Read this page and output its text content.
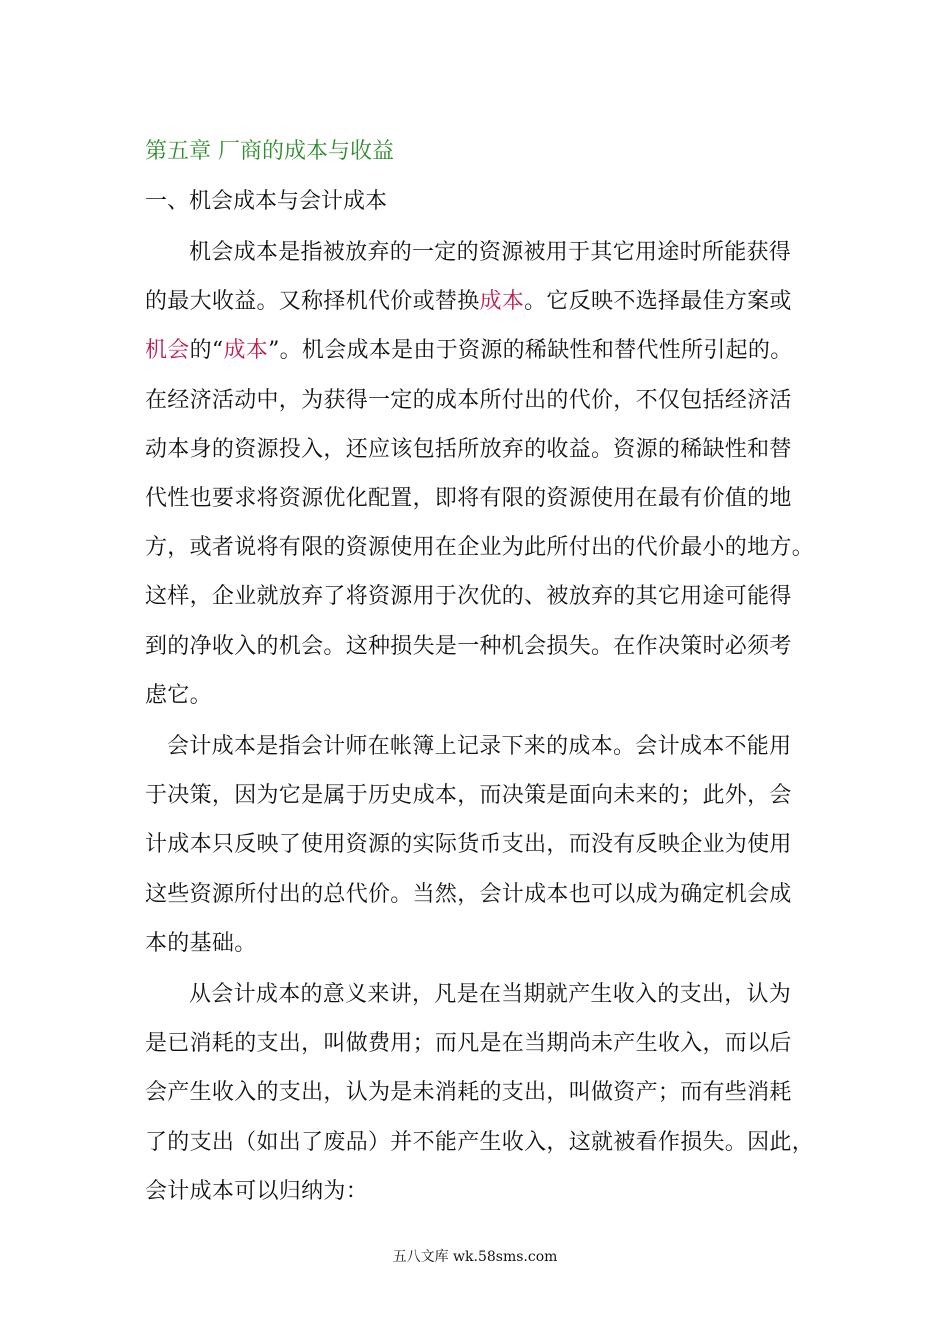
第五章 厂商的成本与收益
一、机会成本与会计成本

机会成本是指被放弃的一定的资源被用于其它用途时所能获得
的最大收益。又称择机代价或替换成本。它反映不选择最佳方案或
机会的“成本”。机会成本是由于资源的稀缺性和替代性所引起的。
在经济活动中，为获得一定的成本所付出的代价，不仅包括经济活
动本身的资源投入，还应该包括所放弃的收益。资源的稀缺性和替
代性也要求将资源优化配置，即将有限的资源使用在最有价值的地
方，或者说将有限的资源使用在企业为此所付出的代价最小的地方。
这样，企业就放弃了将资源用于次优的、被放弃的其它用途可能得
到的净收入的机会。这种损失是一种机会损失。在作决策时必须考
虑它。

会计成本是指会计师在帐簿上记录下来的成本。会计成本不能用
于决策，因为它是属于历史成本，而决策是面向未来的；此外，会
计成本只反映了使用资源的实际货币支出，而没有反映企业为使用
这些资源所付出的总代价。当然，会计成本也可以成为确定机会成
本的基础。

从会计成本的意义来讲，凡是在当期就产生收入的支出，认为
是已消耗的支出，叫做费用；而凡是在当期尚未产生收入，而以后
会产生收入的支出，认为是未消耗的支出，叫做资产；而有些消耗
了的支出（如出了废品）并不能产生收入，这就被看作损失。因此，
会计成本可以归纳为：

五八文库 wk.58sms.com
